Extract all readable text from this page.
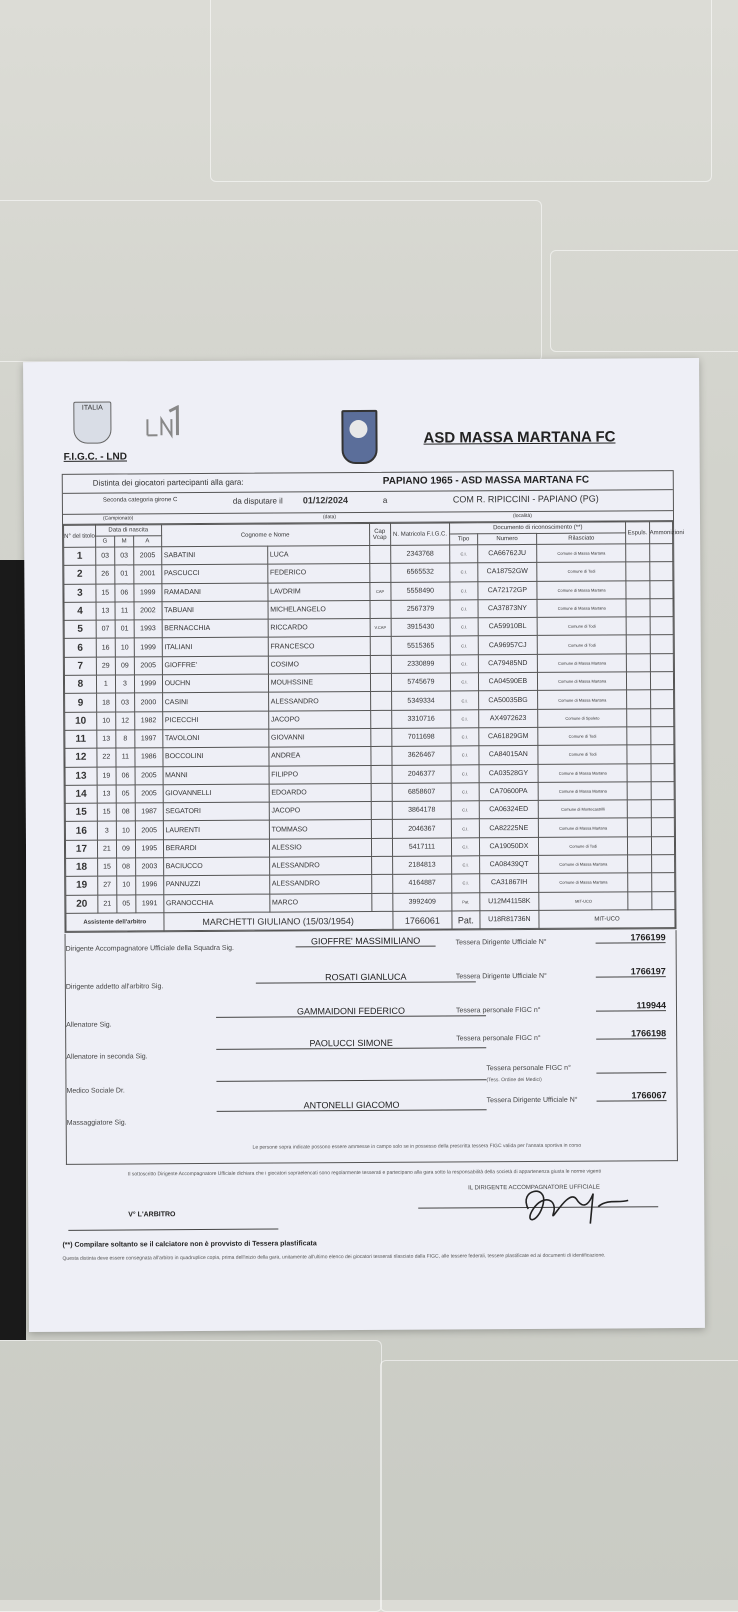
ITALIA
F.I.G.C. - LND
ASD MASSA MARTANA FC
Distinta dei giocatori partecipanti alla gara:	PAPIANO 1965 - ASD MASSA MARTANA FC
Seconda categoria girone C	da disputare il 01/12/2024	a	COM R. RIPICCINI - PAPIANO (PG)
(Campionato)	(data)	(località)
N° del titolo	Data di nascita			Cognome e Nome		Cap Vcap	N. Matricola F.I.G.C.	Documento di riconoscimento (**)			Espuls.	Ammonizioni
	G	M	A					Tipo	Numero	Rilasciato		
1	03	03	2005	SABATINI	LUCA		2343768	C.I.	CA66762JU	Comune di Massa Martana		
2	26	01	2001	PASCUCCI	FEDERICO		6565532	C.I.	CA18752GW	Comune di Todi		
3	15	06	1999	RAMADANI	LAVDRIM	CAP	5558490	C.I.	CA72172GP	Comune di Massa Martana		
4	13	11	2002	TABUANI	MICHELANGELO		2567379	C.I.	CA37873NY	Comune di Massa Martana		
5	07	01	1993	BERNACCHIA	RICCARDO	V.CAP	3915430	C.I.	CA59910BL	Comune di Todi		
6	16	10	1999	ITALIANI	FRANCESCO		5515365	C.I.	CA96957CJ	Comune di Todi		
7	29	09	2005	GIOFFRE'	COSIMO		2330899	C.I.	CA79485ND	Comune di Massa Martana		
8	1	3	1999	OUCHN	MOUHSSINE		5745679	C.I.	CA04590EB	Comune di Massa Martana		
9	18	03	2000	CASINI	ALESSANDRO		5349334	C.I.	CA50035BG	Comune di Massa Martana		
10	10	12	1982	PICECCHI	JACOPO		3310716	C.I.	AX4972623	Comune di Spoleto		
11	13	8	1997	TAVOLONI	GIOVANNI		7011698	C.I.	CA61829GM	Comune di Todi		
12	22	11	1986	BOCCOLINI	ANDREA		3626467	C.I.	CA84015AN	Comune di Todi		
13	19	06	2005	MANNI	FILIPPO		2046377	C.I.	CA03528GY	Comune di Massa Martana		
14	13	05	2005	GIOVANNELLI	EDOARDO		6858607	C.I.	CA70600PA	Comune di Massa Martana		
15	15	08	1987	SEGATORI	JACOPO		3864178	C.I.	CA06324ED	Comune di Montecastrilli		
16	3	10	2005	LAURENTI	TOMMASO		2046367	C.I.	CA82225NE	Comune di Massa Martana		
17	21	09	1995	BERARDI	ALESSIO		5417111	C.I.	CA19050DX	Comune di Todi		
18	15	08	2003	BACIUCCO	ALESSANDRO		2184813	C.I.	CA08439QT	Comune di Massa Martana		
19	27	10	1996	PANNUZZI	ALESSANDRO		4164887	C.I.	CA31867IH	Comune di Massa Martana		
20	21	05	1991	GRANOCCHIA	MARCO		3992409	Pat.	U12M41158K	MIT-UCO		
Assistente dell'arbitro				MARCHETTI GIULIANO (15/03/1954)			1766061	Pat.	U18R81736N	MIT-UCO		
Dirigente Accompagnatore Ufficiale della Squadra Sig.
GIOFFRE' MASSIMILIANO	Tessera Dirigente Ufficiale N°
1766199
Dirigente addetto all'arbitro Sig.
ROSATI GIANLUCA	Tessera Dirigente Ufficiale N°
1766197
Allenatore Sig.
GAMMAIDONI FEDERICO	Tessera personale FIGC n°
119944
Allenatore in seconda Sig.
PAOLUCCI SIMONE	Tessera personale FIGC n°
1766198
Medico Sociale Dr.
Tessera personale FIGC n°
(Tess. Ordine dei Medici)
Massaggiatore Sig.
ANTONELLI GIACOMO	Tessera Dirigente Ufficiale N°
1766067
Le persone sopra indicate possono essere ammesse in campo solo se in possesso della prescritta tessera FIGC valida per l'annata sportiva in corso
Il sottoscritto Dirigente Accompagnatore Ufficiale dichiara che i giocatori sopraelencati sono regolarmente tesserati e partecipano alla gara sotto la responsabilità della società di appartenenza giusta le norme vigenti
IL DIRIGENTE ACCOMPAGNATORE UFFICIALE
V° L'ARBITRO
(**) Compilare soltanto se il calciatore non è provvisto di Tessera plastificata
Questa distinta deve essere consegnata all'arbitro in quadruplice copia, prima dell'inizio della gara, unitamente all'ultimo elenco dei giocatori tesserati rilasciato dalla FIGC, alle tessere federali, tessere plastificate ed ai documenti di identificazione.
